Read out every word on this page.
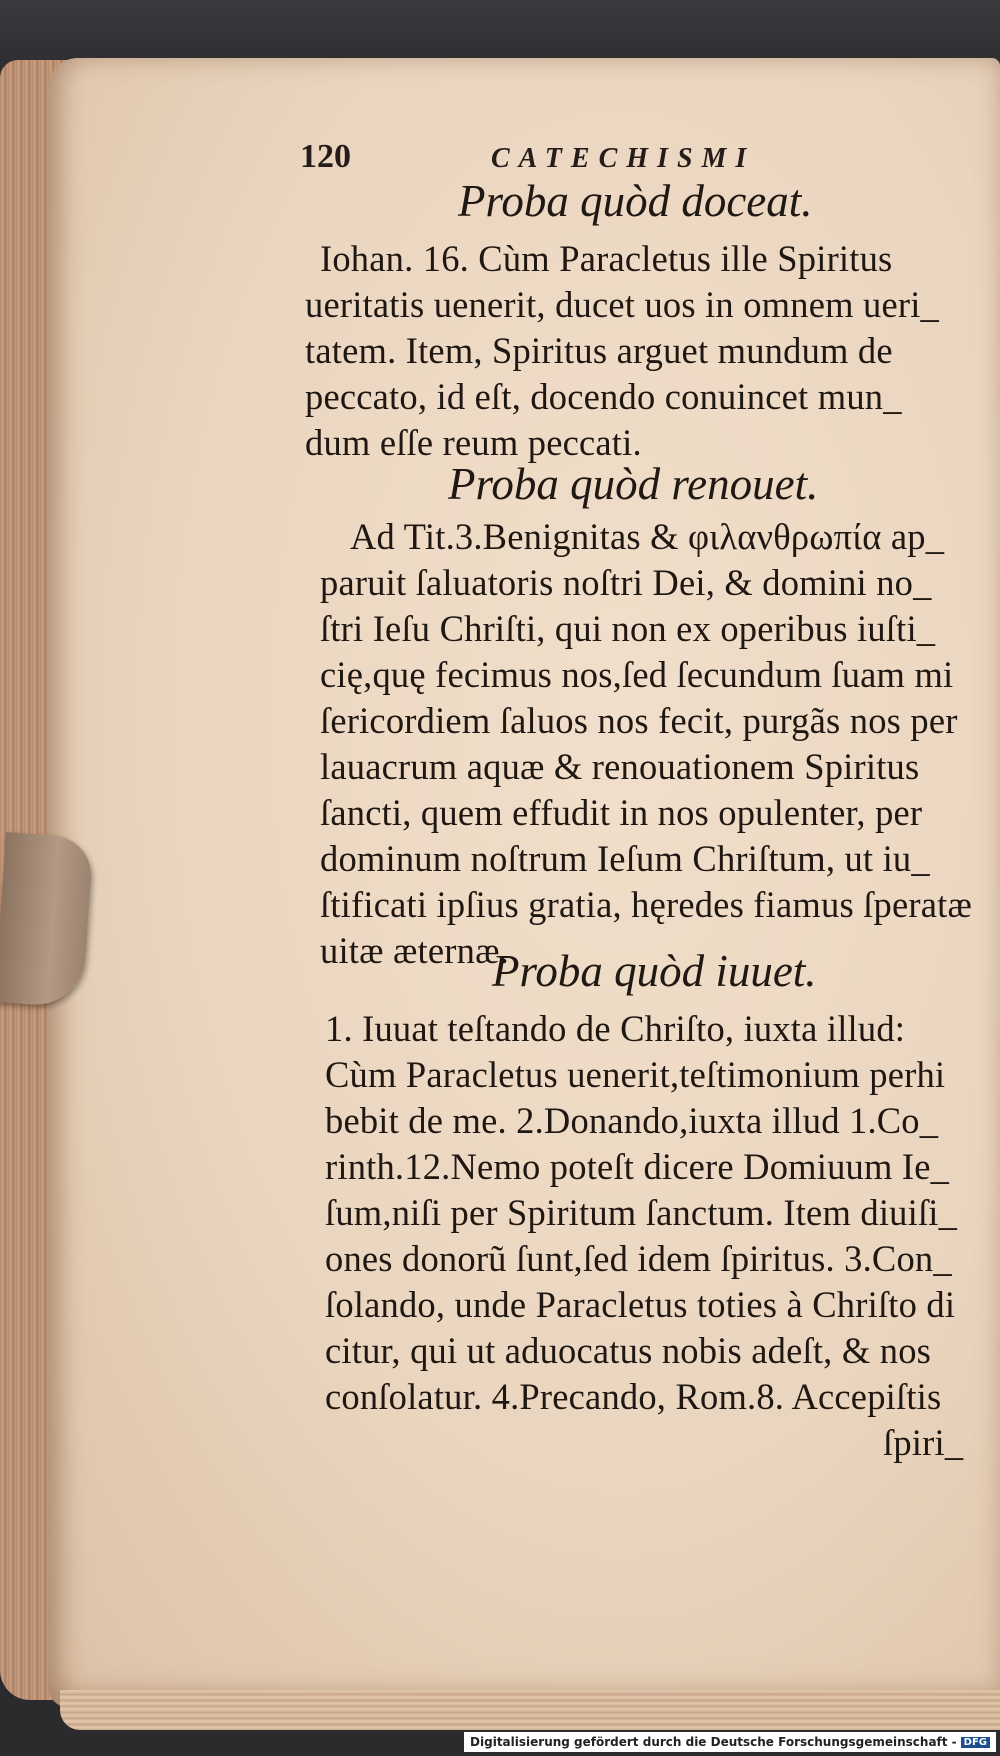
120	CATECHISMI
Proba quòd doceat.
Iohan. 16. Cùm Paracletus ille Spiritus
ueritatis uenerit, ducet uos in omnem ueri_
tatem. Item, Spiritus arguet mundum de
peccato, id eſt, docendo conuincet mun_
dum eſſe reum peccati.
Proba quòd renouet.
Ad Tit.3.Benignitas & φιλανθρωπία ap_
paruit ſaluatoris noſtri Dei, & domini no_
ſtri Ieſu Chriſti, qui non ex operibus iuſti_
cię,quę fecimus nos,ſed ſecundum ſuam mi
ſericordiem ſaluos nos fecit, purgãs nos per
lauacrum aquæ & renouationem Spiritus
ſancti, quem effudit in nos opulenter, per
dominum noſtrum Ieſum Chriſtum, ut iu_
ſtificati ipſius gratia, hęredes fiamus ſperatæ
uitæ æternæ.
Proba quòd iuuet.
1. Iuuat teſtando de Chriſto, iuxta illud:
Cùm Paracletus uenerit,teſtimonium perhi
bebit de me. 2.Donando,iuxta illud 1.Co_
rinth.12.Nemo poteſt dicere Domiuum Ie_
ſum,niſi per Spiritum ſanctum. Item diuiſi_
ones donorũ ſunt,ſed idem ſpiritus. 3.Con_
ſolando, unde Paracletus toties à Chriſto di
citur, qui ut aduocatus nobis adeſt, & nos
conſolatur. 4.Precando, Rom.8. Accepiſtis
ſpiri_
Digitalisierung gefördert durch die Deutsche Forschungsgemeinschaft - DFG
